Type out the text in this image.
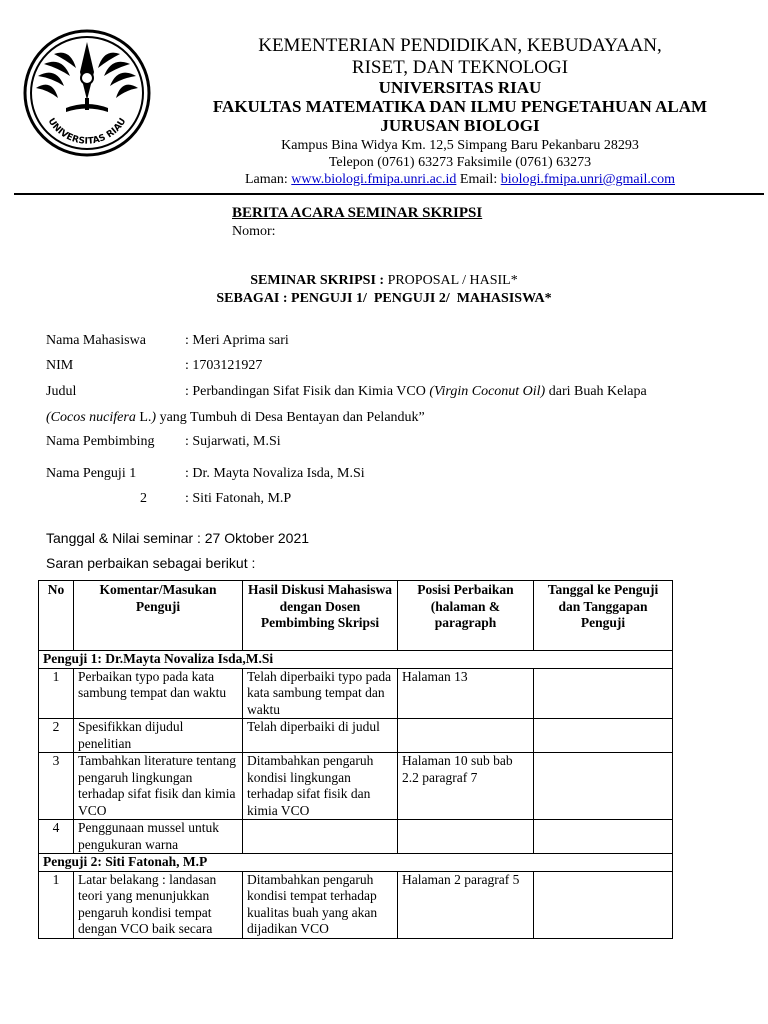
UNIVERSITAS RIAU
KEMENTERIAN PENDIDIKAN, KEBUDAYAAN,
RISET, DAN TEKNOLOGI
UNIVERSITAS RIAU
FAKULTAS MATEMATIKA DAN ILMU PENGETAHUAN ALAM
JURUSAN BIOLOGI
Kampus Bina Widya Km. 12,5 Simpang Baru Pekanbaru 28293
Telepon (0761) 63273 Faksimile (0761) 63273
Laman: www.biologi.fmipa.unri.ac.id Email: biologi.fmipa.unri@gmail.com
BERITA ACARA SEMINAR SKRIPSI
Nomor:
SEMINAR SKRIPSI : PROPOSAL / HASIL*
SEBAGAI : PENGUJI 1/  PENGUJI 2/  MAHASISWA*
Nama Mahasiswa	: Meri Aprima sari
NIM	: 1703121927
Judul	: Perbandingan Sifat Fisik dan Kimia VCO (Virgin Coconut Oil) dari Buah Kelapa
(Cocos nucifera L.) yang Tumbuh di Desa Bentayan dan Pelanduk”
Nama Pembimbing : Sujarwati, M.Si
Nama Penguji 1	: Dr. Mayta Novaliza Isda, M.Si
2	: Siti Fatonah, M.P
Tanggal & Nilai seminar : 27 Oktober 2021
Saran perbaikan sebagai berikut :
No	Komentar/Masukan Penguji	Hasil Diskusi Mahasiswa dengan Dosen Pembimbing Skripsi	Posisi Perbaikan (halaman & paragraph	Tanggal ke Penguji dan Tanggapan Penguji
Penguji 1: Dr.Mayta Novaliza Isda,M.Si				
1	Perbaikan typo pada kata sambung tempat dan waktu	Telah diperbaiki typo pada kata sambung tempat dan waktu	Halaman 13	
2	Spesifikkan dijudul penelitian	Telah diperbaiki di judul		
3	Tambahkan literature tentang pengaruh lingkungan terhadap sifat fisik dan kimia VCO	Ditambahkan pengaruh kondisi lingkungan terhadap sifat fisik dan kimia VCO	Halaman 10 sub bab 2.2 paragraf 7	
4	Penggunaan mussel untuk pengukuran warna			
Penguji 2: Siti Fatonah, M.P				
1	Latar belakang : landasan teori yang menunjukkan pengaruh kondisi tempat dengan VCO baik secara	Ditambahkan pengaruh kondisi tempat terhadap kualitas buah yang akan dijadikan VCO	Halaman 2 paragraf 5	
